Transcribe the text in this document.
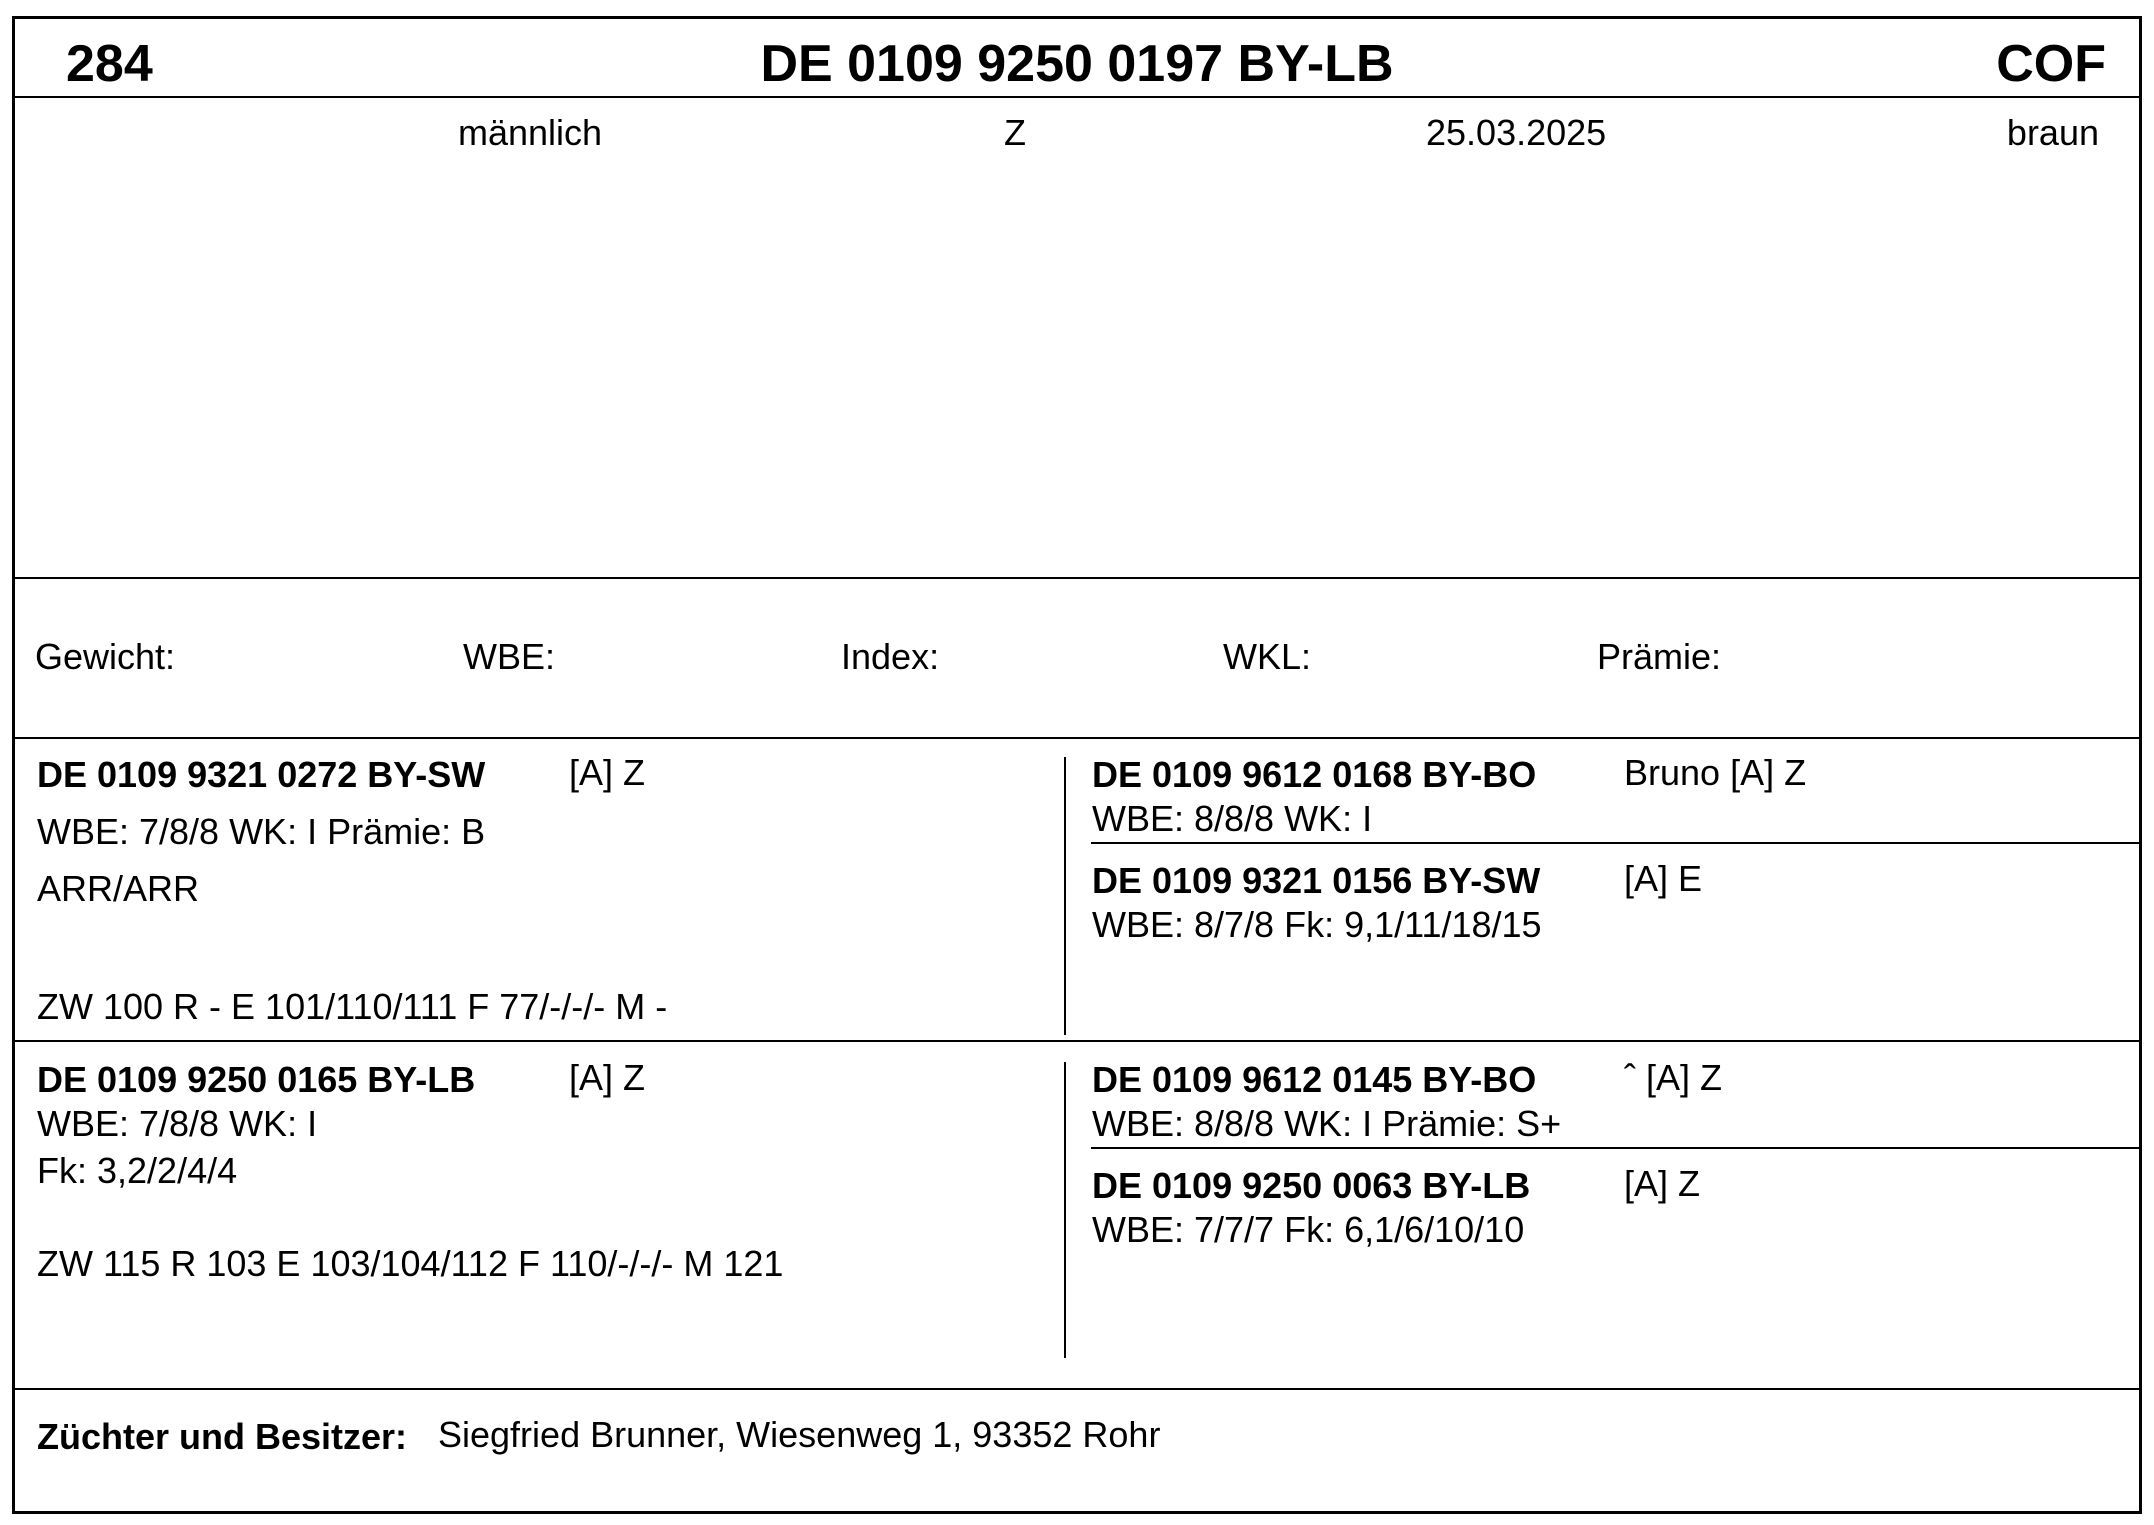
284	DE 0109 9250 0197 BY-LB	COF
männlich	Z	25.03.2025	braun
Gewicht:	WBE:	Index:	WKL:	Prämie:
DE 0109 9321 0272 BY-SW [A] Z
WBE: 7/8/8 WK: I Prämie: B
ARR/ARR
ZW 100 R - E 101/110/111 F 77/-/-/- M -
DE 0109 9612 0168 BY-BO Bruno [A] Z
WBE: 8/8/8 WK: I
DE 0109 9321 0156 BY-SW [A] E
WBE: 8/7/8 Fk: 9,1/11/18/15
DE 0109 9250 0165 BY-LB	[A] Z
WBE: 7/8/8 WK: I
Fk: 3,2/2/4/4
ZW 115 R 103 E 103/104/112 F 110/-/-/- M 121
DE 0109 9612 0145 BY-BO ˆ [A] Z
WBE: 8/8/8 WK: I Prämie: S+
DE 0109 9250 0063 BY-LB	[A] Z
WBE: 7/7/7 Fk: 6,1/6/10/10
Züchter und Besitzer: Siegfried Brunner, Wiesenweg 1, 93352 Rohr
